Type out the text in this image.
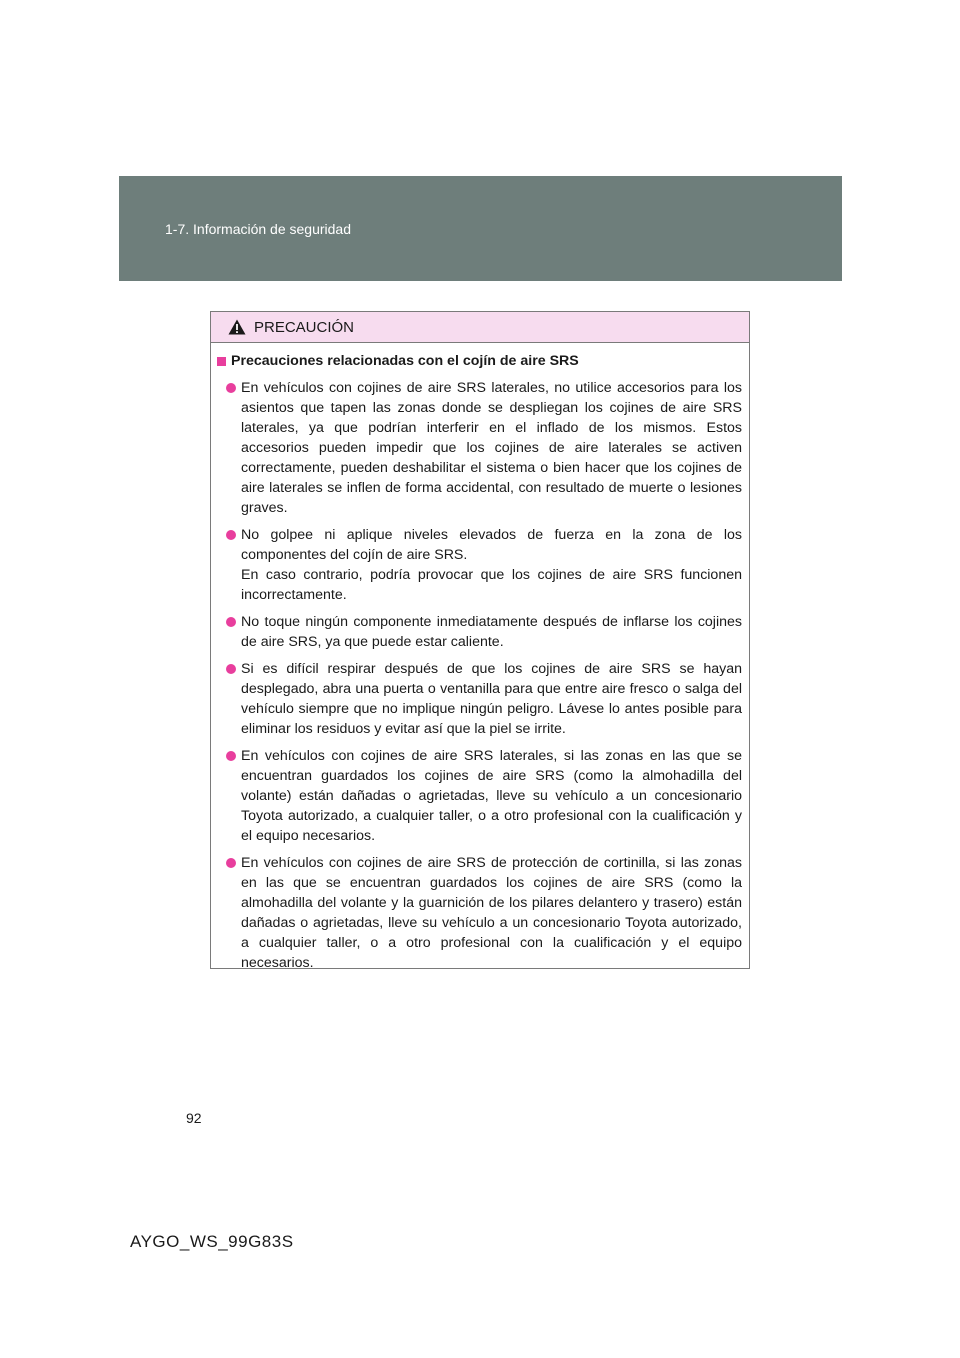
1-7. Información de seguridad
PRECAUCIÓN
Precauciones relacionadas con el cojín de aire SRS

En vehículos con cojines de aire SRS laterales, no utilice accesorios para los asientos que tapen las zonas donde se despliegan los cojines de aire SRS laterales, ya que podrían interferir en el inflado de los mismos. Estos accesorios pueden impedir que los cojines de aire laterales se activen correctamente, pueden deshabilitar el sistema o bien hacer que los cojines de aire laterales se inflen de forma accidental, con resultado de muerte o lesiones graves.

No golpee ni aplique niveles elevados de fuerza en la zona de los componentes del cojín de aire SRS.

En caso contrario, podría provocar que los cojines de aire SRS funcionen incorrectamente.

No toque ningún componente inmediatamente después de inflarse los cojines de aire SRS, ya que puede estar caliente.

Si es difícil respirar después de que los cojines de aire SRS se hayan desplegado, abra una puerta o ventanilla para que entre aire fresco o salga del vehículo siempre que no implique ningún peligro. Lávese lo antes posible para eliminar los residuos y evitar así que la piel se irrite.

En vehículos con cojines de aire SRS laterales, si las zonas en las que se encuentran guardados los cojines de aire SRS (como la almohadilla del volante) están dañadas o agrietadas, lleve su vehículo a un concesionario Toyota autorizado, a cualquier taller, o a otro profesional con la cualificación y el equipo necesarios.

En vehículos con cojines de aire SRS de protección de cortinilla, si las zonas en las que se encuentran guardados los cojines de aire SRS (como la almohadilla del volante y la guarnición de los pilares delantero y trasero) están dañadas o agrietadas, lleve su vehículo a un concesionario Toyota autorizado, a cualquier taller, o a otro profesional con la cualificación y el equipo necesarios.

92
AYGO_WS_99G83S
